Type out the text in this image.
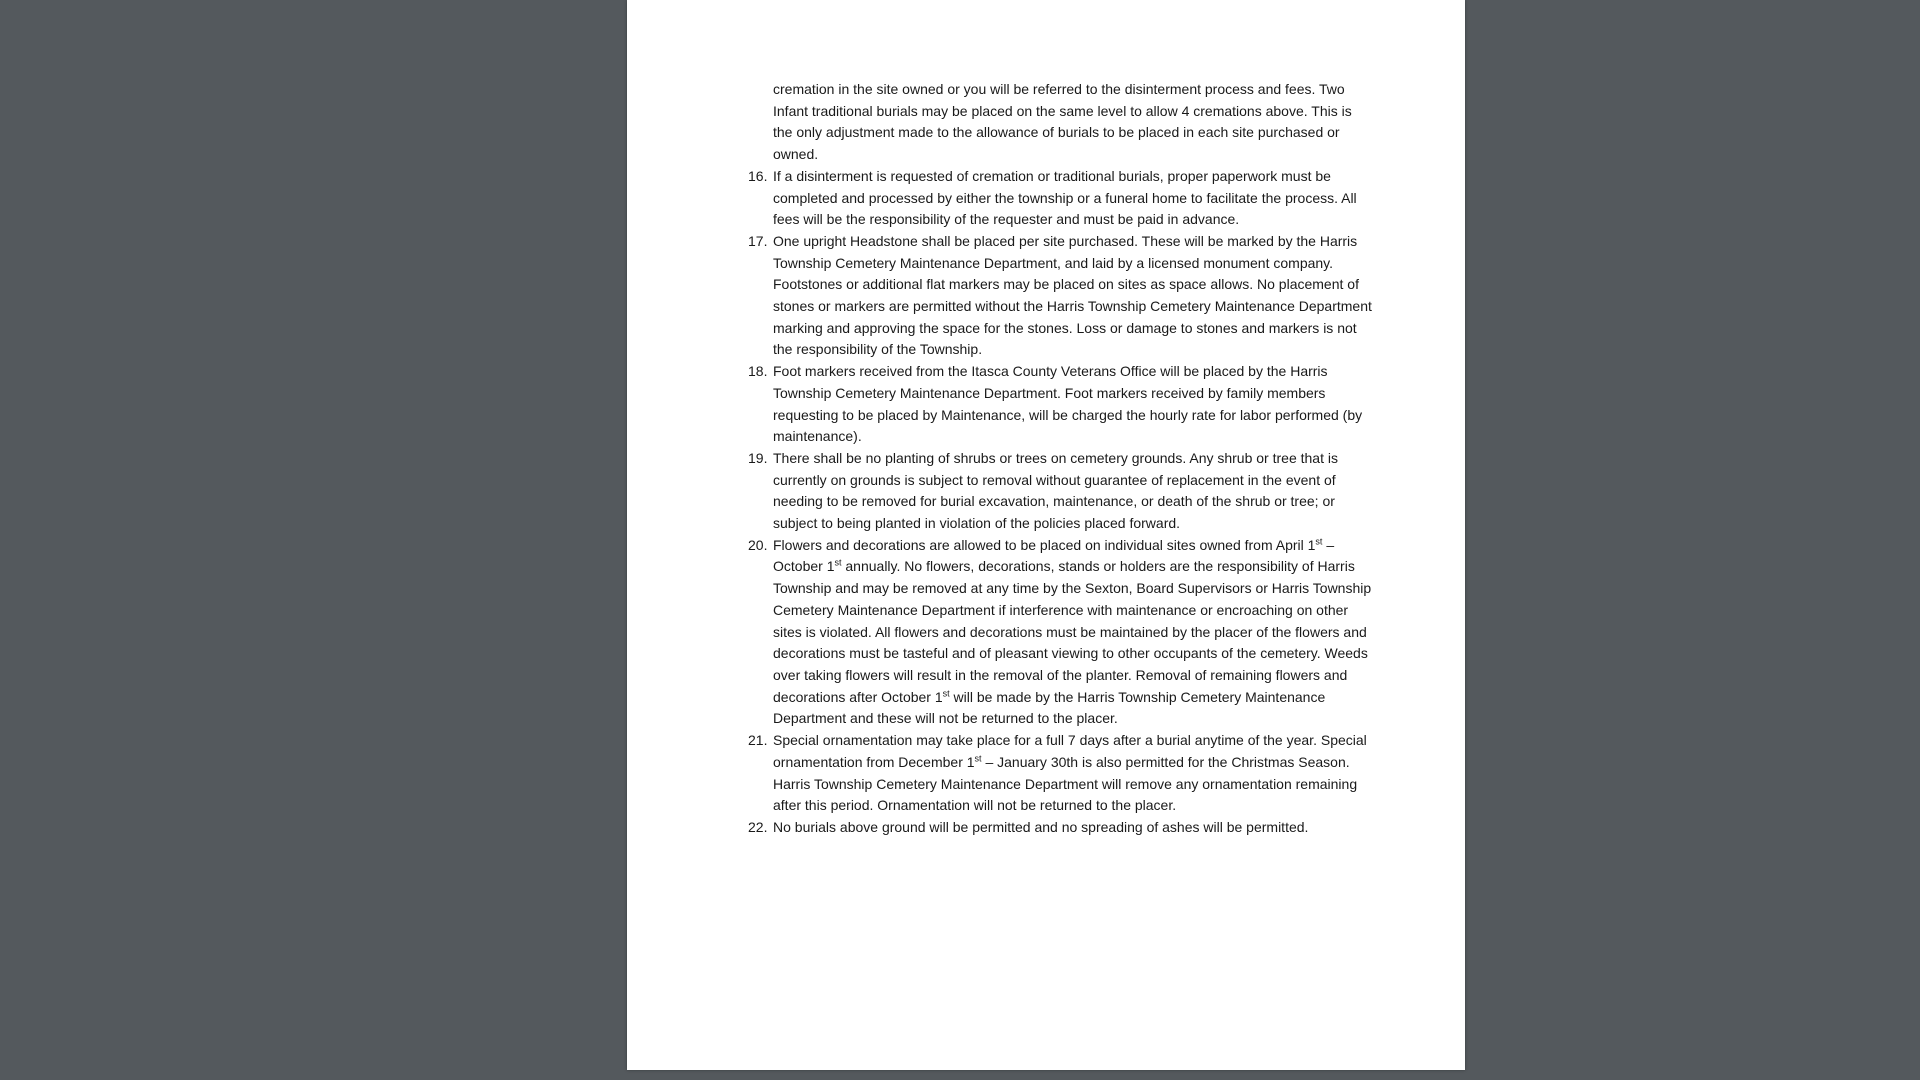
cremation in the site owned or you will be referred to the disinterment process and fees. Two Infant traditional burials may be placed on the same level to allow 4 cremations above. This is the only adjustment made to the allowance of burials to be placed in each site purchased or owned.

16. If a disinterment is requested of cremation or traditional burials, proper paperwork must be completed and processed by either the township or a funeral home to facilitate the process. All fees will be the responsibility of the requester and must be paid in advance.
17. One upright Headstone shall be placed per site purchased. These will be marked by the Harris Township Cemetery Maintenance Department, and laid by a licensed monument company. Footstones or additional flat markers may be placed on sites as space allows. No placement of stones or markers are permitted without the Harris Township Cemetery Maintenance Department marking and approving the space for the stones. Loss or damage to stones and markers is not the responsibility of the Township.
18. Foot markers received from the Itasca County Veterans Office will be placed by the Harris Township Cemetery Maintenance Department. Foot markers received by family members requesting to be placed by Maintenance, will be charged the hourly rate for labor performed (by maintenance).
19. There shall be no planting of shrubs or trees on cemetery grounds. Any shrub or tree that is currently on grounds is subject to removal without guarantee of replacement in the event of needing to be removed for burial excavation, maintenance, or death of the shrub or tree; or subject to being planted in violation of the policies placed forward.
20. Flowers and decorations are allowed to be placed on individual sites owned from April 1st – October 1st annually. No flowers, decorations, stands or holders are the responsibility of Harris Township and may be removed at any time by the Sexton, Board Supervisors or Harris Township Cemetery Maintenance Department if interference with maintenance or encroaching on other sites is violated. All flowers and decorations must be maintained by the placer of the flowers and decorations must be tasteful and of pleasant viewing to other occupants of the cemetery. Weeds over taking flowers will result in the removal of the planter. Removal of remaining flowers and decorations after October 1st will be made by the Harris Township Cemetery Maintenance Department and these will not be returned to the placer.
21. Special ornamentation may take place for a full 7 days after a burial anytime of the year. Special ornamentation from December 1st – January 30th is also permitted for the Christmas Season. Harris Township Cemetery Maintenance Department will remove any ornamentation remaining after this period. Ornamentation will not be returned to the placer.
22. No burials above ground will be permitted and no spreading of ashes will be permitted.
